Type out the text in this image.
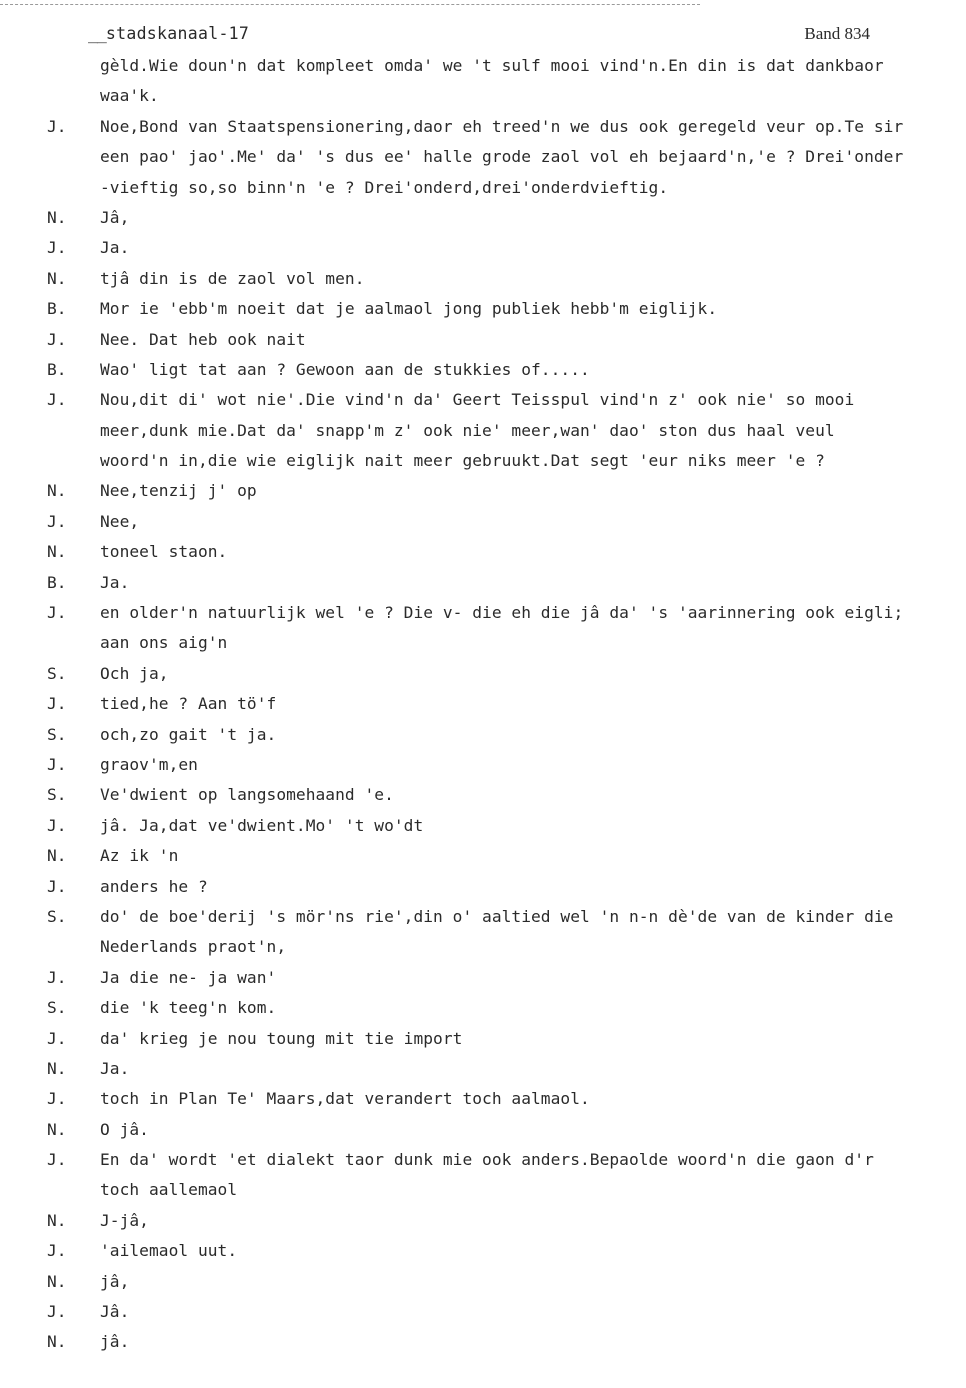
__stadskanaal-17	Band 834
gèld.Wie doun'n dat kompleet omda' we 't sulf mooi vind'n.En din is dat dankbaor
waa'k.
J.	Noe,Bond van Staatspensionering,daor eh treed'n we dus ook geregeld veur op.Te sir
een pao' jao'.Me' da' 's dus ee' halle grode zaol vol eh bejaard'n,'e ? Drei'onder
-vieftig so,so binn'n 'e ? Drei'onderd,drei'onderdvieftig.
N.	Jâ,
J.	Ja.
N.	tjâ din is de zaol vol men.
B.	Mor ie 'ebb'm noeit dat je aalmaol jong publiek hebb'm eiglijk.
J.	Nee. Dat heb ook nait
B.	Wao' ligt tat aan ? Gewoon aan de stukkies of.....
J.	Nou,dit di' wot nie'.Die vind'n da' Geert Teisspul vind'n z' ook nie' so mooi
meer,dunk mie.Dat da' snapp'm z' ook nie' meer,wan' dao' ston dus haal veul
woord'n in,die wie eiglijk nait meer gebruukt.Dat segt 'eur niks meer 'e ?
N.	Nee,tenzij j' op
J.	Nee,
N.	toneel staon.
B.	Ja.
J.	en older'n natuurlijk wel 'e ? Die v- die eh die jâ da' 's 'aarinnering ook eigli;
aan ons aig'n
S.	Och ja,
J.	tied,he ? Aan tö'f
S.	och,zo gait 't ja.
J.	graov'm,en
S.	Ve'dwient op langsomehaand 'e.
J.	jâ. Ja,dat ve'dwient.Mo' 't wo'dt
N.	Az ik 'n
J.	anders he ?
S.	do' de boe'derij 's mör'ns rie',din o' aaltied wel 'n n-n dè'de van de kinder die
Nederlands praot'n,
J.	Ja die ne- ja wan'
S.	die 'k teeg'n kom.
J.	da' krieg je nou toung mit tie import
N.	Ja.
J.	toch in Plan Te' Maars,dat verandert toch aalmaol.
N.	O jâ.
J.	En da' wordt 'et dialekt taor dunk mie ook anders.Bepaolde woord'n die gaon d'r
toch aallemaol
N.	J-jâ,
J.	'ailemaol uut.
N.	jâ,
J.	Jâ.
N.	jâ.
